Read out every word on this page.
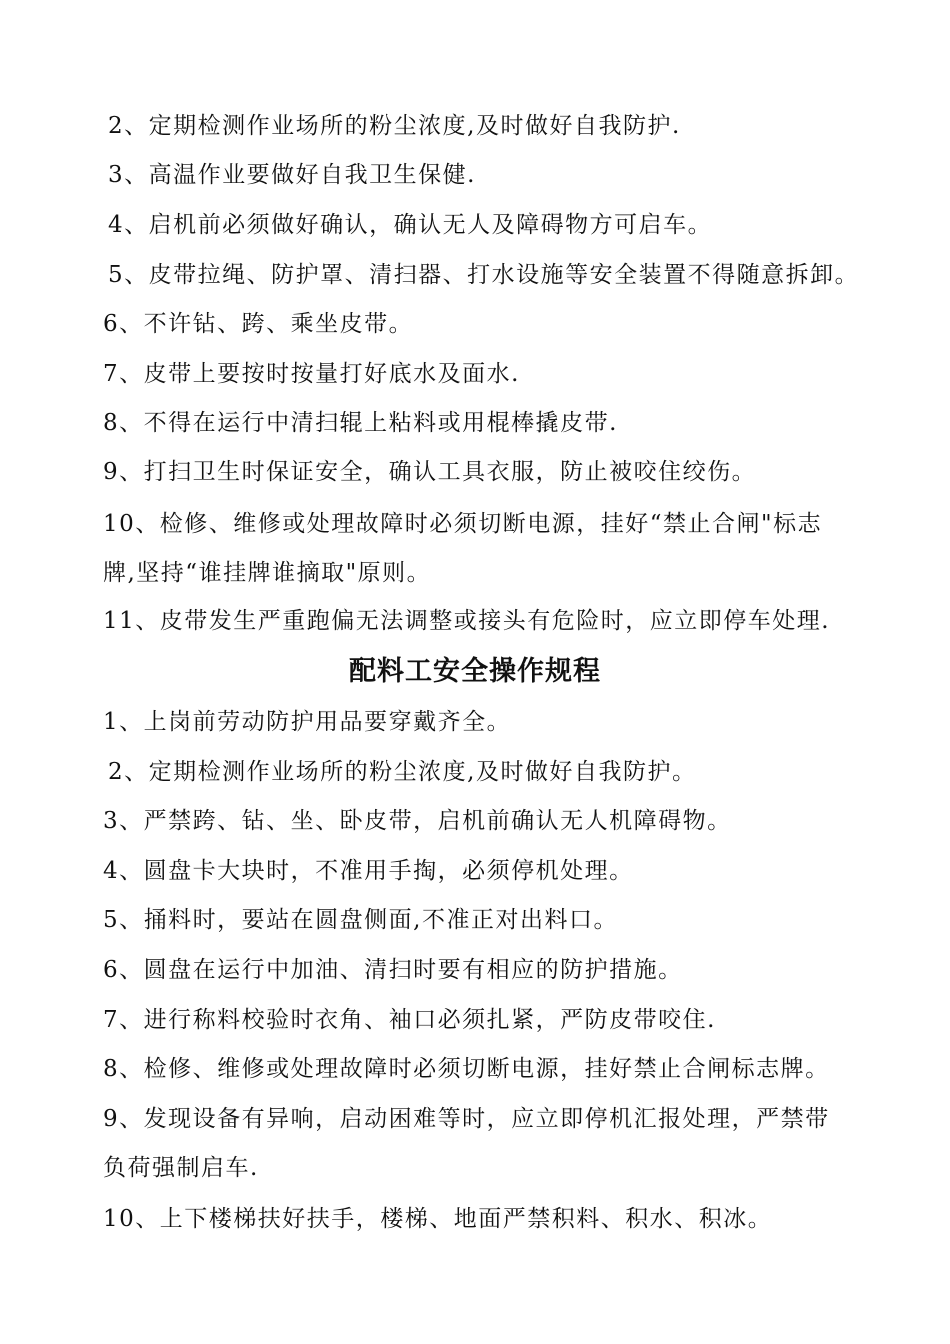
2、定期检测作业场所的粉尘浓度,及时做好自我防护.
3、高温作业要做好自我卫生保健.
4、启机前必须做好确认，确认无人及障碍物方可启车。
5、皮带拉绳、防护罩、清扫器、打水设施等安全装置不得随意拆卸。
6、不许钻、跨、乘坐皮带。
7、皮带上要按时按量打好底水及面水.
8、不得在运行中清扫辊上粘料或用棍棒撬皮带.
9、打扫卫生时保证安全，确认工具衣服，防止被咬住绞伤。
10、检修、维修或处理故障时必须切断电源，挂好“禁止合闸"标志
牌,坚持“谁挂牌谁摘取"原则。
11、皮带发生严重跑偏无法调整或接头有危险时，应立即停车处理.
配料工安全操作规程
1、上岗前劳动防护用品要穿戴齐全。
2、定期检测作业场所的粉尘浓度,及时做好自我防护。
3、严禁跨、钻、坐、卧皮带，启机前确认无人机障碍物。
4、圆盘卡大块时，不准用手掏，必须停机处理。
5、捅料时，要站在圆盘侧面,不准正对出料口。
6、圆盘在运行中加油、清扫时要有相应的防护措施。
7、进行称料校验时衣角、袖口必须扎紧，严防皮带咬住.
8、检修、维修或处理故障时必须切断电源，挂好禁止合闸标志牌。
9、发现设备有异响，启动困难等时，应立即停机汇报处理，严禁带
负荷强制启车.
10、上下楼梯扶好扶手，楼梯、地面严禁积料、积水、积冰。
